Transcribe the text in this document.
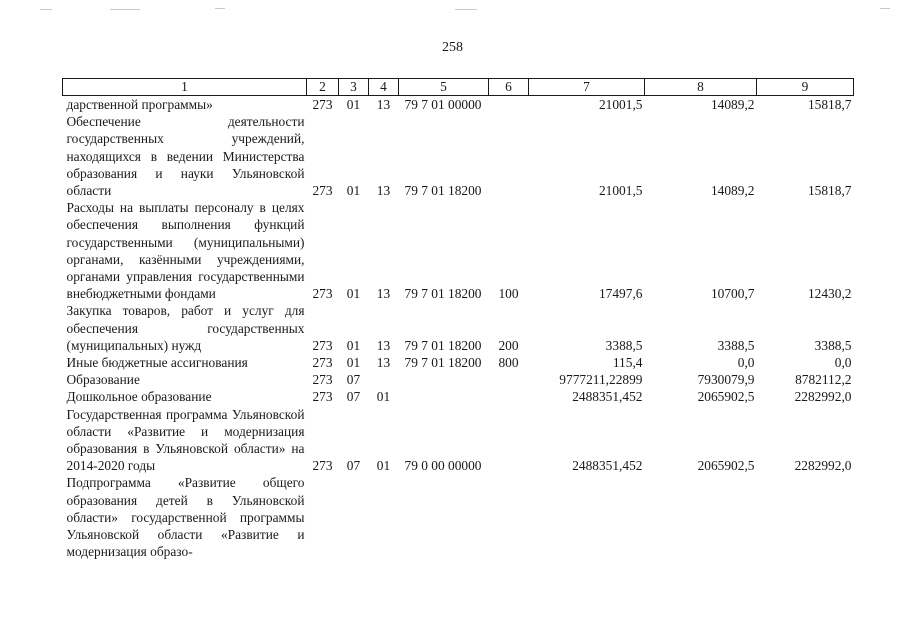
258
1	2	3	4	5	6	7	8	9
дарственной программы»	273	01	13	79 7 01 00000		21001,5	14089,2	15818,7
Обеспечение деятельности государственных учреждений, находящихся в ведении Министерства образования и науки Ульяновской области	273	01	13	79 7 01 18200		21001,5	14089,2	15818,7
Расходы на выплаты персоналу в целях обеспечения выполнения функций государственными (муниципальными) органами, казёнными учреждениями, органами управления государственными внебюджетными фондами	273	01	13	79 7 01 18200	100	17497,6	10700,7	12430,2
Закупка товаров, работ и услуг для обеспечения государственных (муниципальных) нужд	273	01	13	79 7 01 18200	200	3388,5	3388,5	3388,5
Иные бюджетные ассигнования	273	01	13	79 7 01 18200	800	115,4	0,0	0,0
Образование	273	07				9777211,22899	7930079,9	8782112,2
Дошкольное образование	273	07	01			2488351,452	2065902,5	2282992,0
Государственная программа Ульяновской области «Развитие и модернизация образования в Ульяновской области» на 2014-2020 годы	273	07	01	79 0 00 00000		2488351,452	2065902,5	2282992,0
Подпрограмма «Развитие общего образования детей в Ульяновской области» государственной программы Ульяновской области «Развитие и модернизация образо-								
